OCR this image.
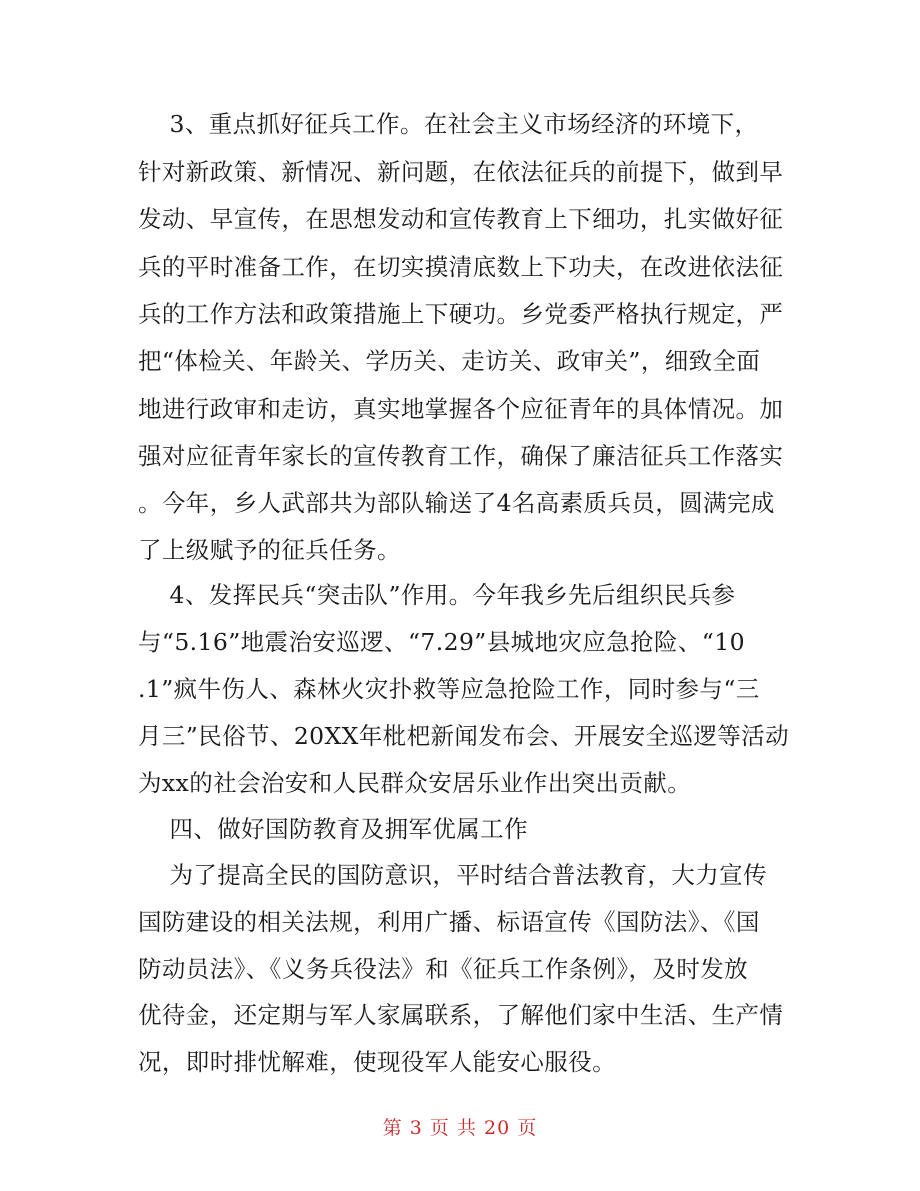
3、重点抓好征兵工作。在社会主义市场经济的环境下，
针对新政策、新情况、新问题，在依法征兵的前提下，做到早
发动、早宣传，在思想发动和宣传教育上下细功，扎实做好征
兵的平时准备工作，在切实摸清底数上下功夫，在改进依法征
兵的工作方法和政策措施上下硬功。乡党委严格执行规定，严
把“体检关、年龄关、学历关、走访关、政审关”，细致全面
地进行政审和走访，真实地掌握各个应征青年的具体情况。加
强对应征青年家长的宣传教育工作，确保了廉洁征兵工作落实
。今年，乡人武部共为部队输送了4名高素质兵员，圆满完成
了上级赋予的征兵任务。
4、发挥民兵“突击队”作用。今年我乡先后组织民兵参
与“5.16”地震治安巡逻、“7.29”县城地灾应急抢险、“10
.1”疯牛伤人、森林火灾扑救等应急抢险工作，同时参与“三
月三”民俗节、20XX年枇杷新闻发布会、开展安全巡逻等活动
为xx的社会治安和人民群众安居乐业作出突出贡献。
四、做好国防教育及拥军优属工作
为了提高全民的国防意识，平时结合普法教育，大力宣传
国防建设的相关法规，利用广播、标语宣传《国防法》、《国
防动员法》、《义务兵役法》和《征兵工作条例》，及时发放
优待金，还定期与军人家属联系，了解他们家中生活、生产情
况，即时排忧解难，使现役军人能安心服役。
第 3 页 共 20 页
